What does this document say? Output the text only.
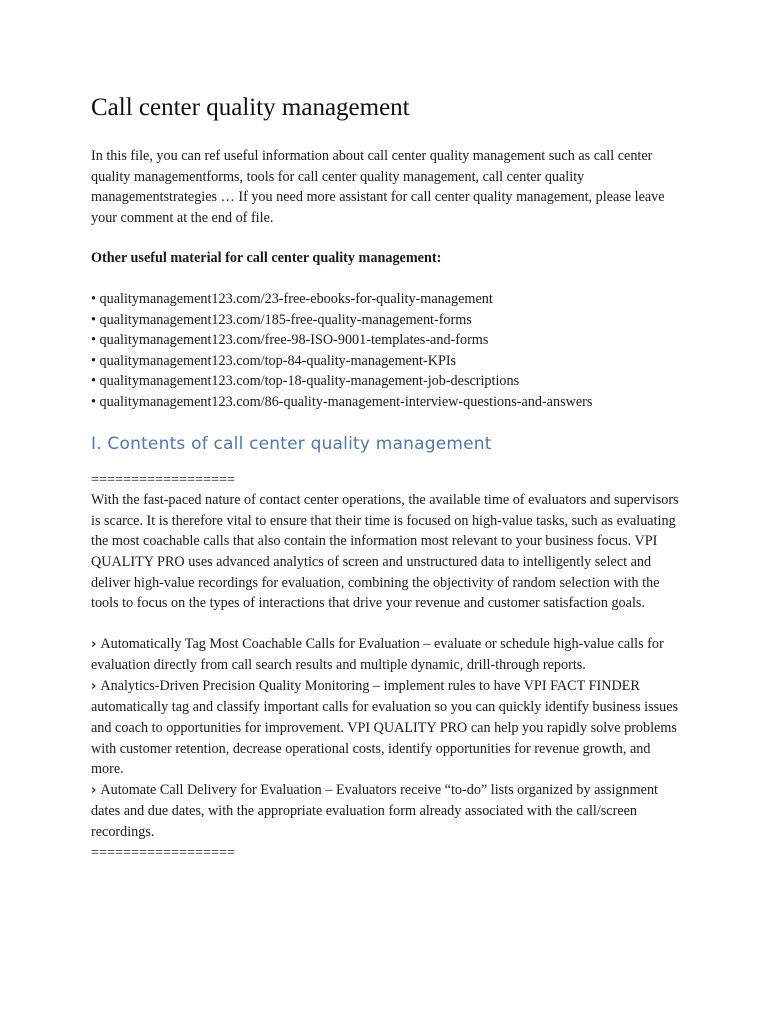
Call center quality management

In this file, you can ref useful information about call center quality management such as call center quality managementforms, tools for call center quality management, call center quality managementstrategies … If you need more assistant for call center quality management, please leave your comment at the end of file.

Other useful material for call center quality management:

• qualitymanagement123.com/23-free-ebooks-for-quality-management
• qualitymanagement123.com/185-free-quality-management-forms
• qualitymanagement123.com/free-98-ISO-9001-templates-and-forms
• qualitymanagement123.com/top-84-quality-management-KPIs
• qualitymanagement123.com/top-18-quality-management-job-descriptions
• qualitymanagement123.com/86-quality-management-interview-questions-and-answers
I. Contents of call center quality management

==================

With the fast-paced nature of contact center operations, the available time of evaluators and supervisors is scarce. It is therefore vital to ensure that their time is focused on high-value tasks, such as evaluating the most coachable calls that also contain the information most relevant to your business focus. VPI QUALITY PRO uses advanced analytics of screen and unstructured data to intelligently select and deliver high-value recordings for evaluation, combining the objectivity of random selection with the tools to focus on the types of interactions that drive your revenue and customer satisfaction goals.

› Automatically Tag Most Coachable Calls for Evaluation – evaluate or schedule high-value calls for evaluation directly from call search results and multiple dynamic, drill-through reports.

› Analytics-Driven Precision Quality Monitoring – implement rules to have VPI FACT FINDER automatically tag and classify important calls for evaluation so you can quickly identify business issues and coach to opportunities for improvement. VPI QUALITY PRO can help you rapidly solve problems with customer retention, decrease operational costs, identify opportunities for revenue growth, and more.

› Automate Call Delivery for Evaluation – Evaluators receive “to-do” lists organized by assignment dates and due dates, with the appropriate evaluation form already associated with the call/screen recordings.

==================
